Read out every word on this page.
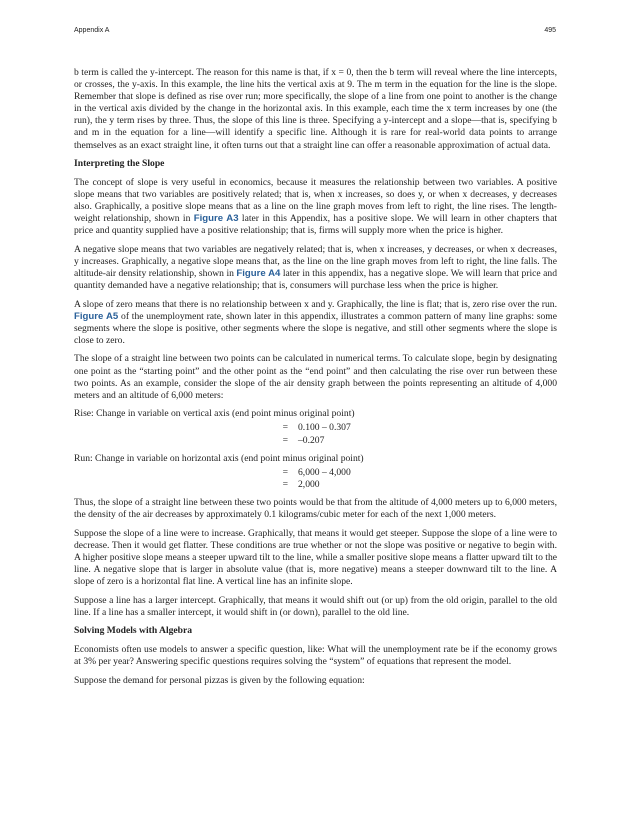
Appendix A	495

b term is called the y-intercept. The reason for this name is that, if x = 0, then the b term will reveal where the line intercepts, or crosses, the y-axis. In this example, the line hits the vertical axis at 9. The m term in the equation for the line is the slope. Remember that slope is defined as rise over run; more specifically, the slope of a line from one point to another is the change in the vertical axis divided by the change in the horizontal axis. In this example, each time the x term increases by one (the run), the y term rises by three. Thus, the slope of this line is three. Specifying a y-intercept and a slope—that is, specifying b and m in the equation for a line—will identify a specific line. Although it is rare for real-world data points to arrange themselves as an exact straight line, it often turns out that a straight line can offer a reasonable approximation of actual data.

Interpreting the Slope

The concept of slope is very useful in economics, because it measures the relationship between two variables. A positive slope means that two variables are positively related; that is, when x increases, so does y, or when x decreases, y decreases also. Graphically, a positive slope means that as a line on the line graph moves from left to right, the line rises. The length-weight relationship, shown in Figure A3 later in this Appendix, has a positive slope. We will learn in other chapters that price and quantity supplied have a positive relationship; that is, firms will supply more when the price is higher.

A negative slope means that two variables are negatively related; that is, when x increases, y decreases, or when x decreases, y increases. Graphically, a negative slope means that, as the line on the line graph moves from left to right, the line falls. The altitude-air density relationship, shown in Figure A4 later in this appendix, has a negative slope. We will learn that price and quantity demanded have a negative relationship; that is, consumers will purchase less when the price is higher.

A slope of zero means that there is no relationship between x and y. Graphically, the line is flat; that is, zero rise over the run. Figure A5 of the unemployment rate, shown later in this appendix, illustrates a common pattern of many line graphs: some segments where the slope is positive, other segments where the slope is negative, and still other segments where the slope is close to zero.

The slope of a straight line between two points can be calculated in numerical terms. To calculate slope, begin by designating one point as the “starting point” and the other point as the “end point” and then calculating the rise over run between these two points. As an example, consider the slope of the air density graph between the points representing an altitude of 4,000 meters and an altitude of 6,000 meters:

Rise: Change in variable on vertical axis (end point minus original point)

=	0.100 – 0.307
=	–0.207

Run: Change in variable on horizontal axis (end point minus original point)

=	6,000 – 4,000
=	2,000

Thus, the slope of a straight line between these two points would be that from the altitude of 4,000 meters up to 6,000 meters, the density of the air decreases by approximately 0.1 kilograms/cubic meter for each of the next 1,000 meters.

Suppose the slope of a line were to increase. Graphically, that means it would get steeper. Suppose the slope of a line were to decrease. Then it would get flatter. These conditions are true whether or not the slope was positive or negative to begin with. A higher positive slope means a steeper upward tilt to the line, while a smaller positive slope means a flatter upward tilt to the line. A negative slope that is larger in absolute value (that is, more negative) means a steeper downward tilt to the line. A slope of zero is a horizontal flat line. A vertical line has an infinite slope.

Suppose a line has a larger intercept. Graphically, that means it would shift out (or up) from the old origin, parallel to the old line. If a line has a smaller intercept, it would shift in (or down), parallel to the old line.

Solving Models with Algebra

Economists often use models to answer a specific question, like: What will the unemployment rate be if the economy grows at 3% per year? Answering specific questions requires solving the “system” of equations that represent the model.

Suppose the demand for personal pizzas is given by the following equation:
